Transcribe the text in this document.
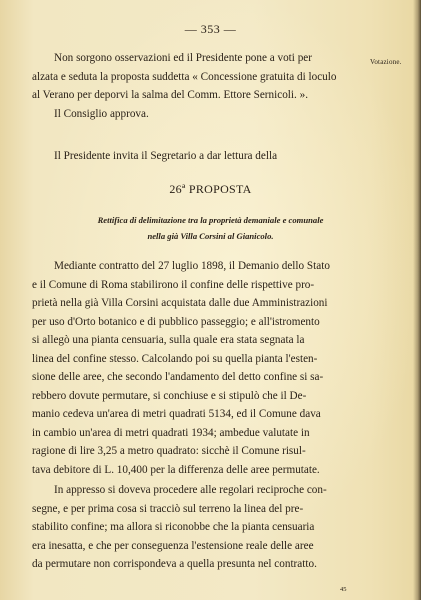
— 353 —
Votazione.
Non sorgono osservazioni ed il Presidente pone a voti per
alzata e seduta la proposta suddetta « Concessione gratuita di loculo
al Verano per deporvi la salma del Comm. Ettore Sernicoli. ».
Il Consiglio approva.
Il Presidente invita il Segretario a dar lettura della
26ª PROPOSTA
Rettifica di delimitazione tra la proprietà demaniale e comunale
nella già Villa Corsini al Gianicolo.
Mediante contratto del 27 luglio 1898, il Demanio dello Stato
e il Comune di Roma stabilirono il confine delle rispettive pro-
prietà nella già Villa Corsini acquistata dalle due Amministrazioni
per uso d'Orto botanico e di pubblico passeggio; e all'istromento
si allegò una pianta censuaria, sulla quale era stata segnata la
linea del confine stesso. Calcolando poi su quella pianta l'esten-
sione delle aree, che secondo l'andamento del detto confine si sa-
rebbero dovute permutare, si conchiuse e si stipulò che il De-
manio cedeva un'area di metri quadrati 5134, ed il Comune dava
in cambio un'area di metri quadrati 1934; ambedue valutate in
ragione di lire 3,25 a metro quadrato: sicchè il Comune risul-
tava debitore di L. 10,400 per la differenza delle aree permutate.
In appresso si doveva procedere alle regolari reciproche con-
segne, e per prima cosa si tracciò sul terreno la linea del pre-
stabilito confine; ma allora si riconobbe che la pianta censuaria
era inesatta, e che per conseguenza l'estensione reale delle aree
da permutare non corrispondeva a quella presunta nel contratto.
45
